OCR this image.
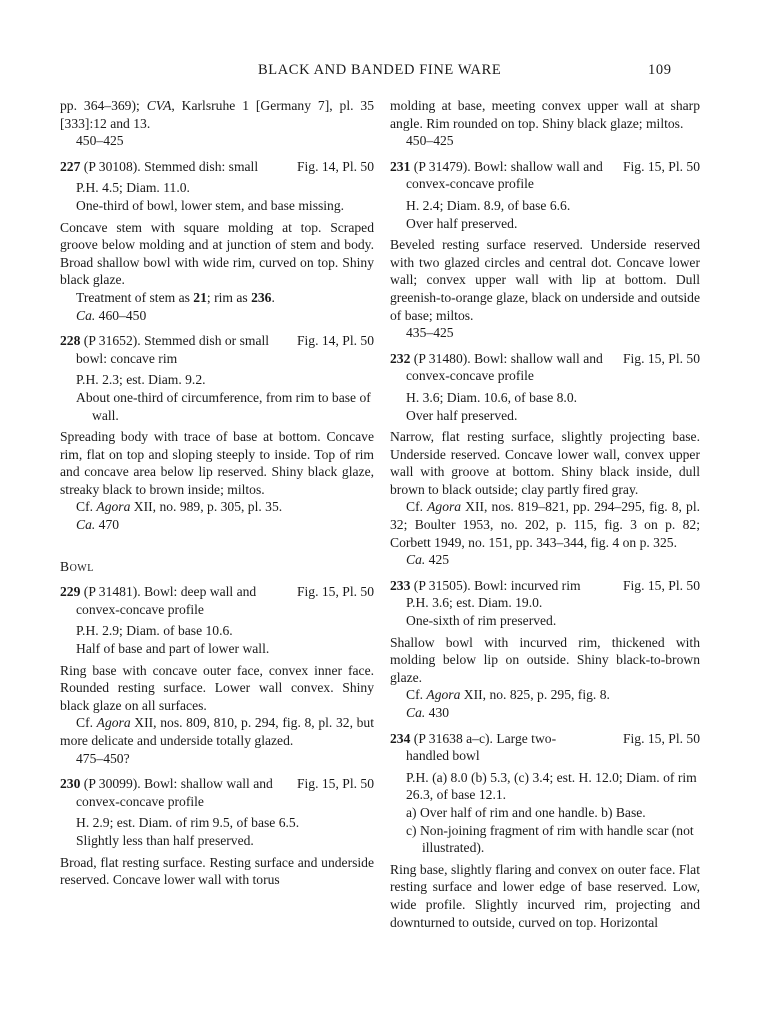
BLACK AND BANDED FINE WARE	109

pp. 364–369); CVA, Karlsruhe 1 [Germany 7], pl. 35 [333]:12 and 13.

450–425

227 (P 30108). Stemmed dish: small	Fig. 14, Pl. 50

P.H. 4.5; Diam. 11.0.

One-third of bowl, lower stem, and base missing.

Concave stem with square molding at top. Scraped groove below molding and at junction of stem and body. Broad shallow bowl with wide rim, curved on top. Shiny black glaze.

Treatment of stem as 21; rim as 236.

Ca. 460–450

228 (P 31652). Stemmed dish or small bowl: concave rim
Fig. 14, Pl. 50

P.H. 2.3; est. Diam. 9.2.

About one-third of circumference, from rim to base of wall.

Spreading body with trace of base at bottom. Concave rim, flat on top and sloping steeply to inside. Top of rim and concave area below lip reserved. Shiny black glaze, streaky black to brown inside; miltos.

Cf. Agora XII, no. 989, p. 305, pl. 35.

Ca. 470

Bowl

229 (P 31481). Bowl: deep wall and convex-concave profile
Fig. 15, Pl. 50

P.H. 2.9; Diam. of base 10.6.

Half of base and part of lower wall.

Ring base with concave outer face, convex inner face. Rounded resting surface. Lower wall convex. Shiny black glaze on all surfaces.

Cf. Agora XII, nos. 809, 810, p. 294, fig. 8, pl. 32, but more delicate and underside totally glazed.

475–450?

230 (P 30099). Bowl: shallow wall and convex-concave profile
Fig. 15, Pl. 50

H. 2.9; est. Diam. of rim 9.5, of base 6.5.

Slightly less than half preserved.

Broad, flat resting surface. Resting surface and underside reserved. Concave lower wall with torus

molding at base, meeting convex upper wall at sharp angle. Rim rounded on top. Shiny black glaze; miltos.

450–425

231 (P 31479). Bowl: shallow wall and convex-concave profile
Fig. 15, Pl. 50

H. 2.4; Diam. 8.9, of base 6.6.

Over half preserved.

Beveled resting surface reserved. Underside reserved with two glazed circles and central dot. Concave lower wall; convex upper wall with lip at bottom. Dull greenish-to-orange glaze, black on underside and outside of base; miltos.

435–425

232 (P 31480). Bowl: shallow wall and convex-concave profile
Fig. 15, Pl. 50

H. 3.6; Diam. 10.6, of base 8.0.

Over half preserved.

Narrow, flat resting surface, slightly projecting base. Underside reserved. Concave lower wall, convex upper wall with groove at bottom. Shiny black inside, dull brown to black outside; clay partly fired gray.

Cf. Agora XII, nos. 819–821, pp. 294–295, fig. 8, pl. 32; Boulter 1953, no. 202, p. 115, fig. 3 on p. 82; Corbett 1949, no. 151, pp. 343–344, fig. 4 on p. 325.

Ca. 425

233 (P 31505). Bowl: incurved rim	Fig. 15, Pl. 50

P.H. 3.6; est. Diam. 19.0.

One-sixth of rim preserved.

Shallow bowl with incurved rim, thickened with molding below lip on outside. Shiny black-to-brown glaze.

Cf. Agora XII, no. 825, p. 295, fig. 8.

Ca. 430

234 (P 31638 a–c). Large two-handled bowl
Fig. 15, Pl. 50

P.H. (a) 8.0 (b) 5.3, (c) 3.4; est. H. 12.0; Diam. of rim 26.3, of base 12.1.

a) Over half of rim and one handle. b) Base.

c) Non-joining fragment of rim with handle scar (not illustrated).

Ring base, slightly flaring and convex on outer face. Flat resting surface and lower edge of base reserved. Low, wide profile. Slightly incurved rim, projecting and downturned to outside, curved on top. Horizontal
